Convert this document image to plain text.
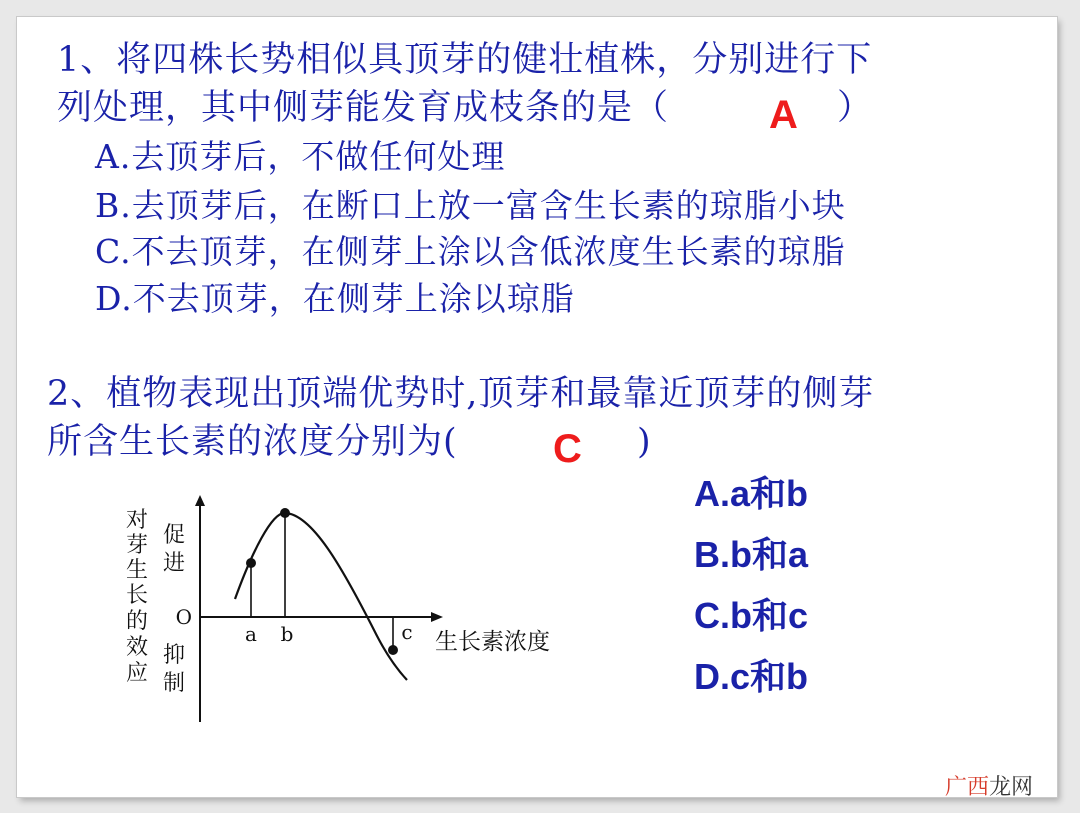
1、将四株长势相似具顶芽的健壮植株，分别进行下
列处理，其中侧芽能发育成枝条的是（	）
A
A.去顶芽后，不做任何处理
B.去顶芽后，在断口上放一富含生长素的琼脂小块
C.不去顶芽，在侧芽上涂以含低浓度生长素的琼脂
D.不去顶芽，在侧芽上涂以琼脂
2、植物表现出顶端优势时,顶芽和最靠近顶芽的侧芽
所含生长素的浓度分别为(	)
C
A.a和b
B.b和a
C.b和c
D.c和b
对
芽
生
长
的
效
应
促
进
抑
制
O
a b	c 生长素浓度
广西龙网
